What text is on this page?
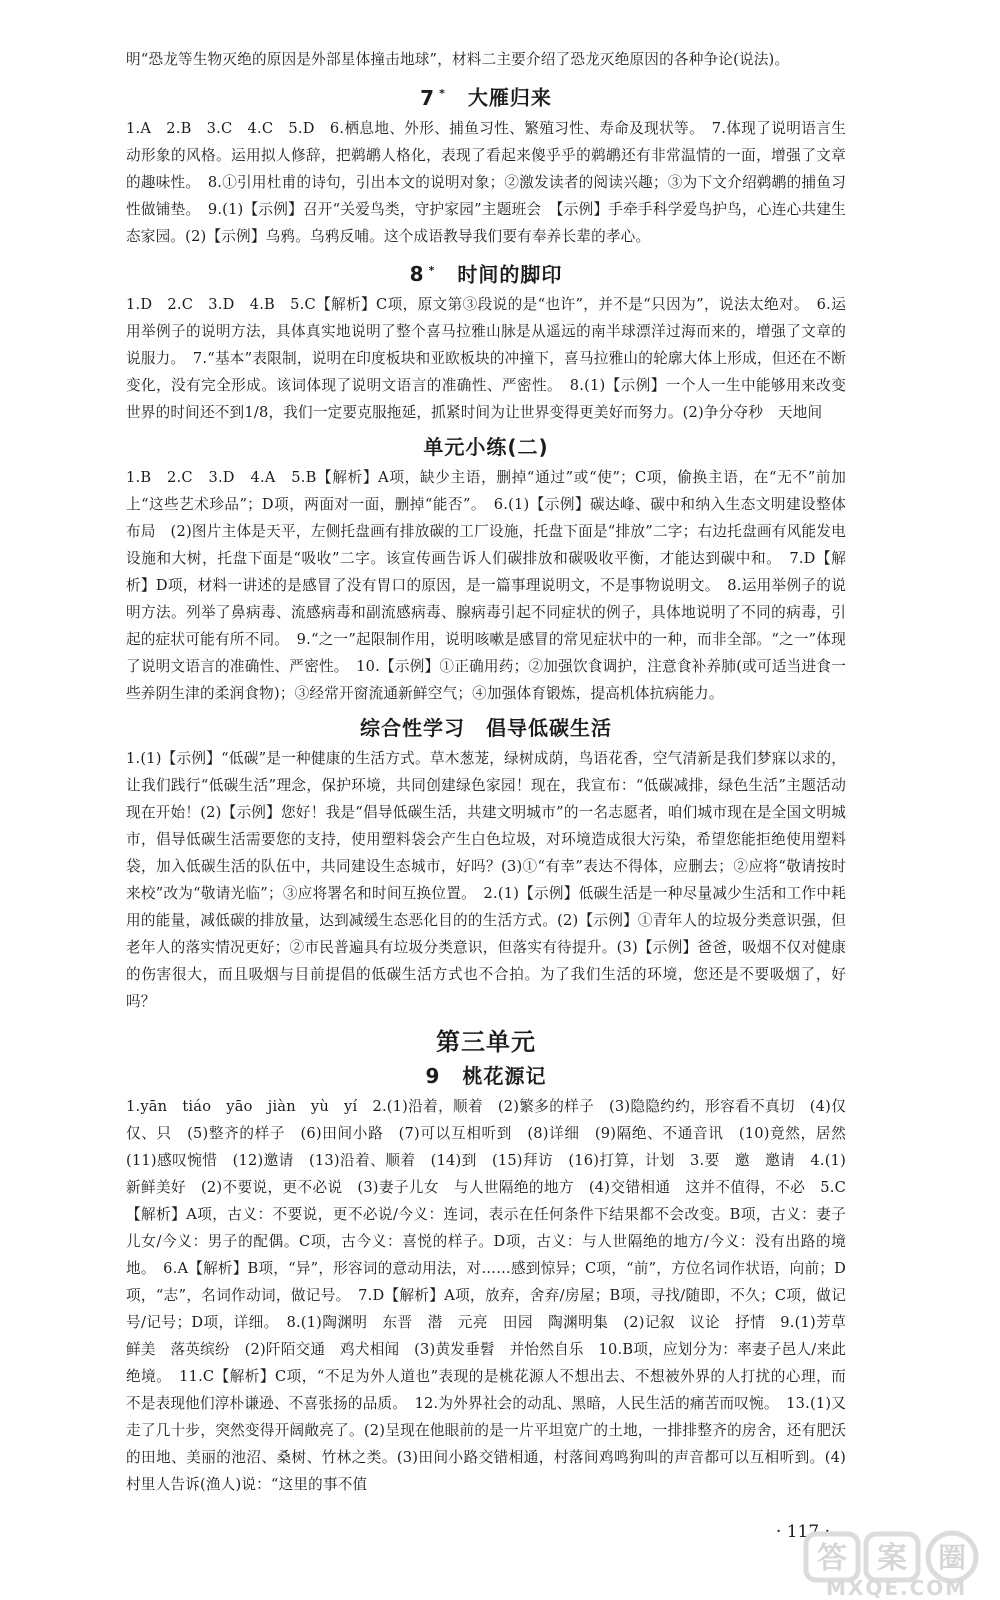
明“恐龙等生物灭绝的原因是外部星体撞击地球”，材料二主要介绍了恐龙灭绝原因的各种争论(说法)。

7 * 大雁归来

1.A　2.B　3.C　4.C　5.D　6.栖息地、外形、捕鱼习性、繁殖习性、寿命及现状等。　7.体现了说明语言生动形象的风格。运用拟人修辞，把鹈鹕人格化，表现了看起来傻乎乎的鹈鹕还有非常温情的一面，增强了文章的趣味性。　8.①引用杜甫的诗句，引出本文的说明对象；②激发读者的阅读兴趣；③为下文介绍鹈鹕的捕鱼习性做铺垫。　9.(1)【示例】召开“关爱鸟类，守护家园”主题班会　【示例】手牵手科学爱鸟护鸟，心连心共建生态家园。(2)【示例】乌鸦。乌鸦反哺。这个成语教导我们要有奉养长辈的孝心。

8 * 时间的脚印

1.D　2.C　3.D　4.B　5.C【解析】C项，原文第③段说的是“也许”，并不是“只因为”，说法太绝对。　6.运用举例子的说明方法，具体真实地说明了整个喜马拉雅山脉是从遥远的南半球漂洋过海而来的，增强了文章的说服力。　7.“基本”表限制，说明在印度板块和亚欧板块的冲撞下，喜马拉雅山的轮廓大体上形成，但还在不断变化，没有完全形成。该词体现了说明文语言的准确性、严密性。　8.(1)【示例】一个人一生中能够用来改变世界的时间还不到1/8，我们一定要克服拖延，抓紧时间为让世界变得更美好而努力。(2)争分夺秒　天地间

单元小练(二)

1.B　2.C　3.D　4.A　5.B【解析】A项，缺少主语，删掉“通过”或“使”；C项，偷换主语，在“无不”前加上“这些艺术珍品”；D项，两面对一面，删掉“能否”。　6.(1)【示例】碳达峰、碳中和纳入生态文明建设整体布局　(2)图片主体是天平，左侧托盘画有排放碳的工厂设施，托盘下面是“排放”二字；右边托盘画有风能发电设施和大树，托盘下面是“吸收”二字。该宣传画告诉人们碳排放和碳吸收平衡，才能达到碳中和。　7.D【解析】D项，材料一讲述的是感冒了没有胃口的原因，是一篇事理说明文，不是事物说明文。　8.运用举例子的说明方法。列举了鼻病毒、流感病毒和副流感病毒、腺病毒引起不同症状的例子，具体地说明了不同的病毒，引起的症状可能有所不同。　9.“之一”起限制作用，说明咳嗽是感冒的常见症状中的一种，而非全部。“之一”体现了说明文语言的准确性、严密性。　10.【示例】①正确用药；②加强饮食调护，注意食补养肺(或可适当进食一些养阴生津的柔润食物)；③经常开窗流通新鲜空气；④加强体育锻炼，提高机体抗病能力。

综合性学习　倡导低碳生活

1.(1)【示例】“低碳”是一种健康的生活方式。草木葱茏，绿树成荫，鸟语花香，空气清新是我们梦寐以求的，让我们践行“低碳生活”理念，保护环境，共同创建绿色家园！现在，我宣布：“低碳减排，绿色生活”主题活动现在开始！(2)【示例】您好！我是“倡导低碳生活，共建文明城市”的一名志愿者，咱们城市现在是全国文明城市，倡导低碳生活需要您的支持，使用塑料袋会产生白色垃圾，对环境造成很大污染，希望您能拒绝使用塑料袋，加入低碳生活的队伍中，共同建设生态城市，好吗？(3)①“有幸”表达不得体，应删去；②应将“敬请按时来校”改为“敬请光临”；③应将署名和时间互换位置。　2.(1)【示例】低碳生活是一种尽量减少生活和工作中耗用的能量，减低碳的排放量，达到减缓生态恶化目的的生活方式。(2)【示例】①青年人的垃圾分类意识强，但老年人的落实情况更好；②市民普遍具有垃圾分类意识，但落实有待提升。(3)【示例】爸爸，吸烟不仅对健康的伤害很大，而且吸烟与目前提倡的低碳生活方式也不合拍。为了我们生活的环境，您还是不要吸烟了，好吗？

第三单元
9 桃花源记

1.yān　tiáo　yāo　jiàn　yù　yí　2.(1)沿着，顺着　(2)繁多的样子　(3)隐隐约约，形容看不真切　(4)仅仅、只　(5)整齐的样子　(6)田间小路　(7)可以互相听到　(8)详细　(9)隔绝、不通音讯　(10)竟然，居然　(11)感叹惋惜　(12)邀请　(13)沿着、顺着　(14)到　(15)拜访　(16)打算，计划　3.要　邀　邀请　4.(1)新鲜美好　(2)不要说，更不必说　(3)妻子儿女　与人世隔绝的地方　(4)交错相通　这并不值得，不必　5.C【解析】A项，古义：不要说，更不必说/今义：连词，表示在任何条件下结果都不会改变。B项，古义：妻子儿女/今义：男子的配偶。C项，古今义：喜悦的样子。D项，古义：与人世隔绝的地方/今义：没有出路的境地。　6.A【解析】B项，“异”，形容词的意动用法，对……感到惊异；C项，“前”，方位名词作状语，向前；D项，“志”，名词作动词，做记号。　7.D【解析】A项，放弃，舍弃/房屋；B项，寻找/随即，不久；C项，做记号/记号；D项，详细。　8.(1)陶渊明　东晋　潜　元亮　田园　陶渊明集　(2)记叙　议论　抒情　9.(1)芳草鲜美　落英缤纷　(2)阡陌交通　鸡犬相闻　(3)黄发垂髫　并怡然自乐　10.B项，应划分为：率妻子邑人/来此绝境。　11.C【解析】C项，“不足为外人道也”表现的是桃花源人不想出去、不想被外界的人打扰的心理，而不是表现他们淳朴谦逊、不喜张扬的品质。　12.为外界社会的动乱、黑暗，人民生活的痛苦而叹惋。　13.(1)又走了几十步，突然变得开阔敞亮了。(2)呈现在他眼前的是一片平坦宽广的土地，一排排整齐的房舍，还有肥沃的田地、美丽的池沼、桑树、竹林之类。(3)田间小路交错相通，村落间鸡鸣狗叫的声音都可以互相听到。(4)村里人告诉(渔人)说：“这里的事不值

· 117 ·
答 案 圈
MXQE.COM
